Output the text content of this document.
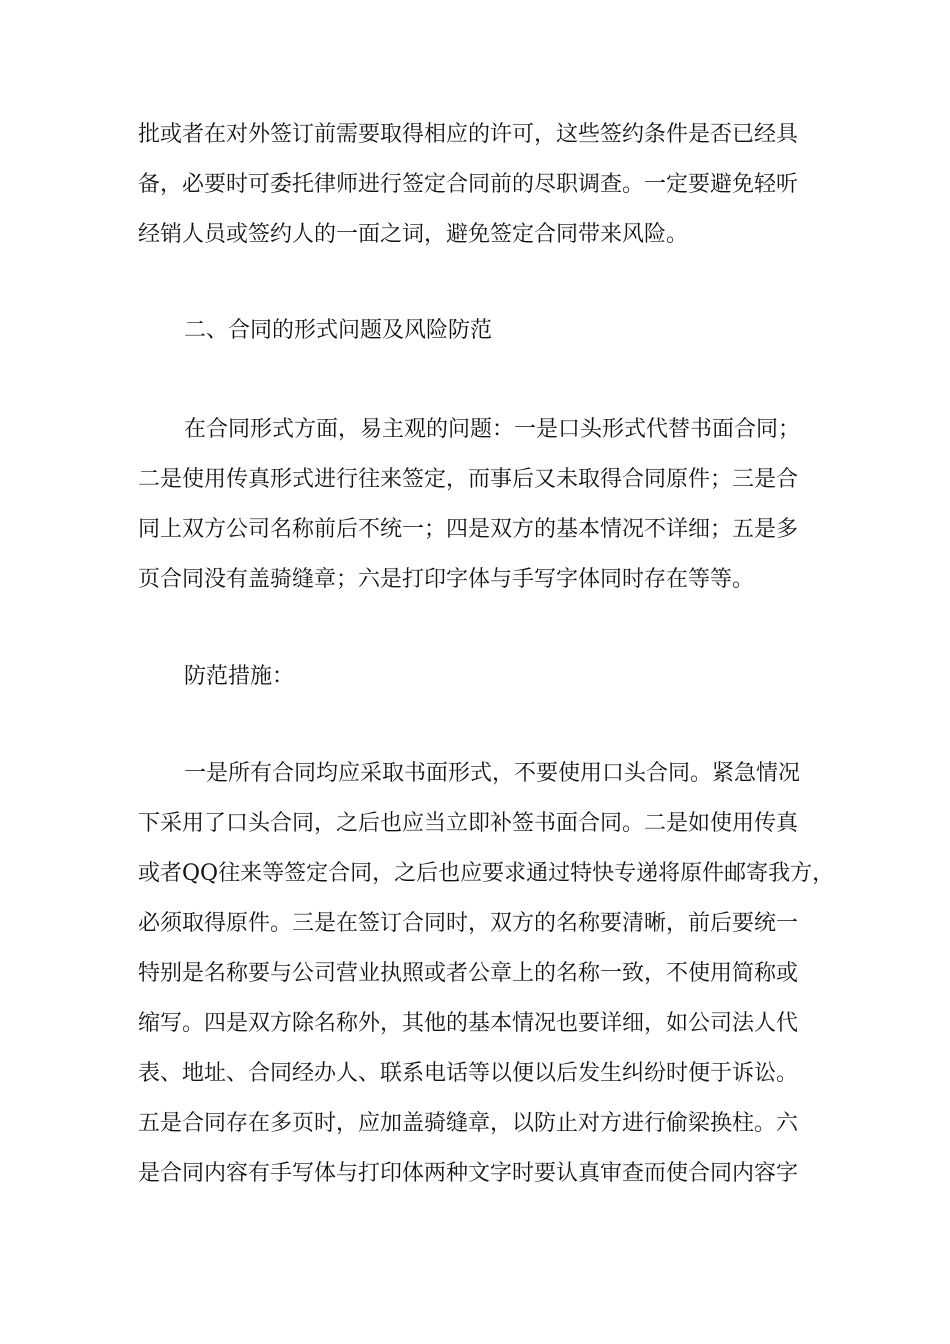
批或者在对外签订前需要取得相应的许可，这些签约条件是否已经具
备，必要时可委托律师进行签定合同前的尽职调查。一定要避免轻听
经销人员或签约人的一面之词，避免签定合同带来风险。
二、合同的形式问题及风险防范
在合同形式方面，易主观的问题：一是口头形式代替书面合同；
二是使用传真形式进行往来签定，而事后又未取得合同原件；三是合
同上双方公司名称前后不统一；四是双方的基本情况不详细；五是多
页合同没有盖骑缝章；六是打印字体与手写字体同时存在等等。
防范措施：
一是所有合同均应采取书面形式，不要使用口头合同。紧急情况
下采用了口头合同，之后也应当立即补签书面合同。二是如使用传真
或者QQ往来等签定合同，之后也应要求通过特快专递将原件邮寄我方，
必须取得原件。三是在签订合同时，双方的名称要清晰，前后要统一
特别是名称要与公司营业执照或者公章上的名称一致，不使用简称或
缩写。四是双方除名称外，其他的基本情况也要详细，如公司法人代
表、地址、合同经办人、联系电话等以便以后发生纠纷时便于诉讼。
五是合同存在多页时，应加盖骑缝章，以防止对方进行偷梁换柱。六
是合同内容有手写体与打印体两种文字时要认真审查而使合同内容字
